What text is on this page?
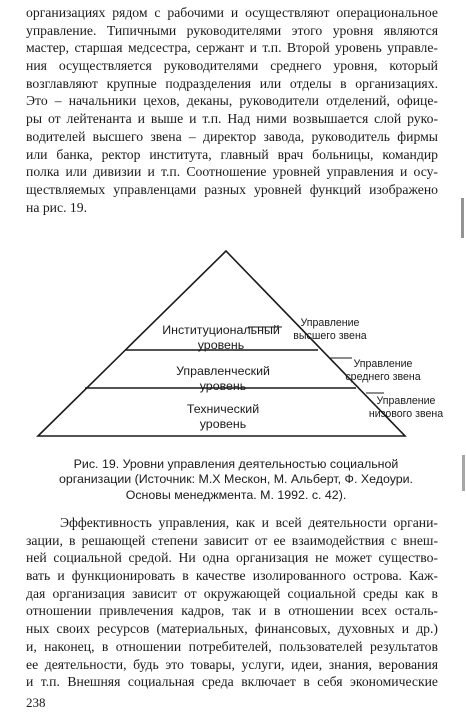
организациях рядом с рабочими и осуществляют операциональное
управление. Типичными руководителями этого уровня являются
мастер, старшая медсестра, сержант и т.п. Второй уровень управле-
ния осуществляется руководителями среднего уровня, который
возглавляют крупные подразделения или отделы в организациях.
Это – начальники цехов, деканы, руководители отделений, офице-
ры от лейтенанта и выше и т.п. Над ними возвышается слой руко-
водителей высшего звена – директор завода, руководитель фирмы
или банка, ректор института, главный врач больницы, командир
полка или дивизии и т.п. Соотношение уровней управления и осу-
ществляемых управленцами разных уровней функций изображено
на рис. 19.
Институциональный
уровень
Управленческий
уровень
Технический
уровень
Управление
высшего звена
Управление
среднего звена
Управление
низового звена
Рис. 19. Уровни управления деятельностью социальной
организации (Источник: М.Х Мескон, М. Альберт, Ф. Хедоури.
Основы менеджмента. М. 1992. с. 42).
Эффективность управления, как и всей деятельности органи-
зации, в решающей степени зависит от ее взаимодействия с внеш-
ней социальной средой. Ни одна организация не может существо-
вать и функционировать в качестве изолированного острова. Каж-
дая организация зависит от окружающей социальной среды как в
отношении привлечения кадров, так и в отношении всех осталь-
ных своих ресурсов (материальных, финансовых, духовных и др.)
и, наконец, в отношении потребителей, пользователей результатов
ее деятельности, будь это товары, услуги, идеи, знания, верования
и т.п. Внешняя социальная среда включает в себя экономические
238
